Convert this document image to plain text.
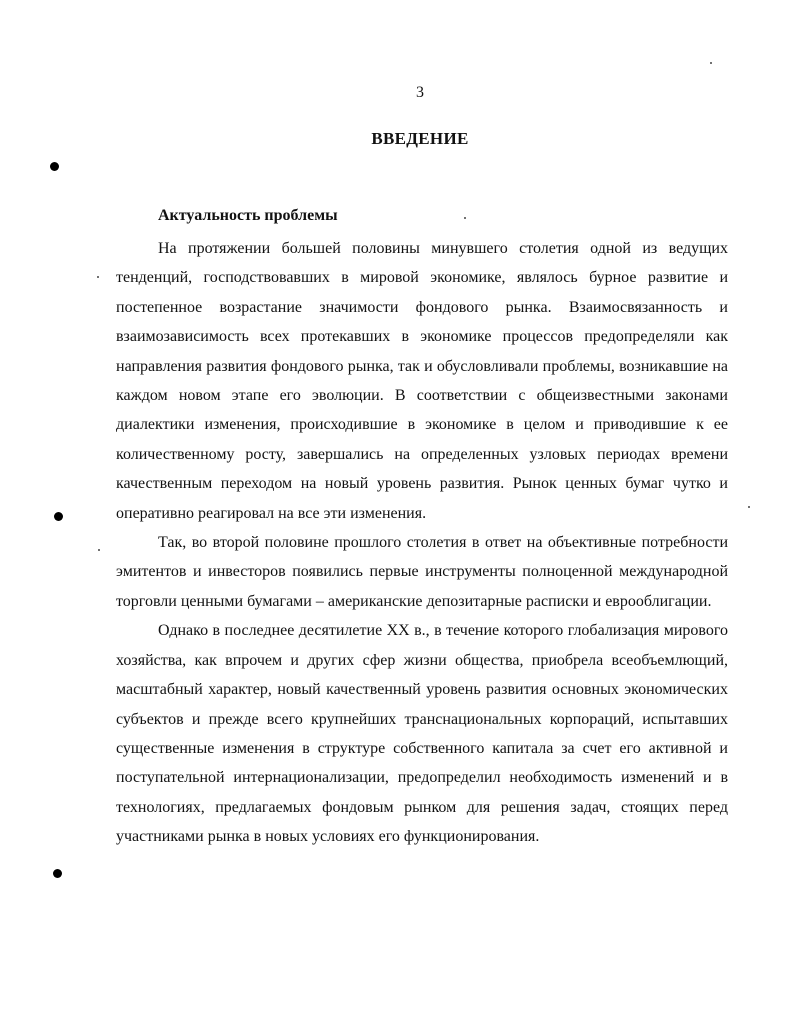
3
ВВЕДЕНИЕ
Актуальность проблемы

На протяжении большей половины минувшего столетия одной из ведущих тенденций, господствовавших в мировой экономике, являлось бурное развитие и постепенное возрастание значимости фондового рынка. Взаимосвязанность и взаимозависимость всех протекавших в экономике процессов предопределяли как направления развития фондового рынка, так и обусловливали проблемы, возникавшие на каждом новом этапе его эволюции. В соответствии с общеизвестными законами диалектики изменения, происходившие в экономике в целом и приводившие к ее количественному росту, завершались на определенных узловых периодах времени качественным переходом на новый уровень развития. Рынок ценных бумаг чутко и оперативно реагировал на все эти изменения.

Так, во второй половине прошлого столетия в ответ на объективные потребности эмитентов и инвесторов появились первые инструменты полноценной международной торговли ценными бумагами – американские депозитарные расписки и еврооблигации.

Однако в последнее десятилетие XX в., в течение которого глобализация мирового хозяйства, как впрочем и других сфер жизни общества, приобрела всеобъемлющий, масштабный характер, новый качественный уровень развития основных экономических субъектов и прежде всего крупнейших транснациональных корпораций, испытавших существенные изменения в структуре собственного капитала за счет его активной и поступательной интернационализации, предопределил необходимость изменений и в технологиях, предлагаемых фондовым рынком для решения задач, стоящих перед участниками рынка в новых условиях его функционирования.
